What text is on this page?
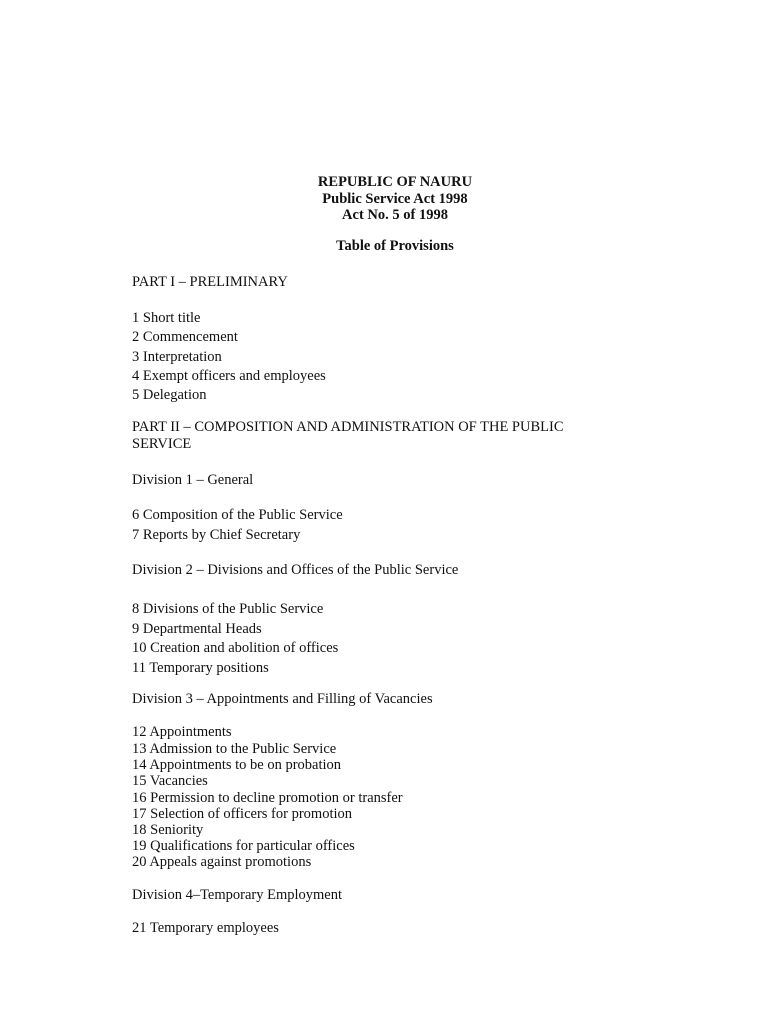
REPUBLIC OF NAURU
Public Service Act 1998
Act No. 5 of 1998
Table of Provisions
PART I – PRELIMINARY
1 Short title
2 Commencement
3 Interpretation
4 Exempt officers and employees
5 Delegation
PART II – COMPOSITION AND ADMINISTRATION OF THE PUBLIC SERVICE
Division 1 – General
6 Composition of the Public Service
7 Reports by Chief Secretary
Division 2 – Divisions and Offices of the Public Service
8 Divisions of the Public Service
9 Departmental Heads
10 Creation and abolition of offices
11 Temporary positions
Division 3 – Appointments and Filling of Vacancies
12 Appointments
13 Admission to the Public Service
14 Appointments to be on probation
15 Vacancies
16 Permission to decline promotion or transfer
17 Selection of officers for promotion
18 Seniority
19 Qualifications for particular offices
20 Appeals against promotions
Division 4–Temporary Employment
21 Temporary employees
